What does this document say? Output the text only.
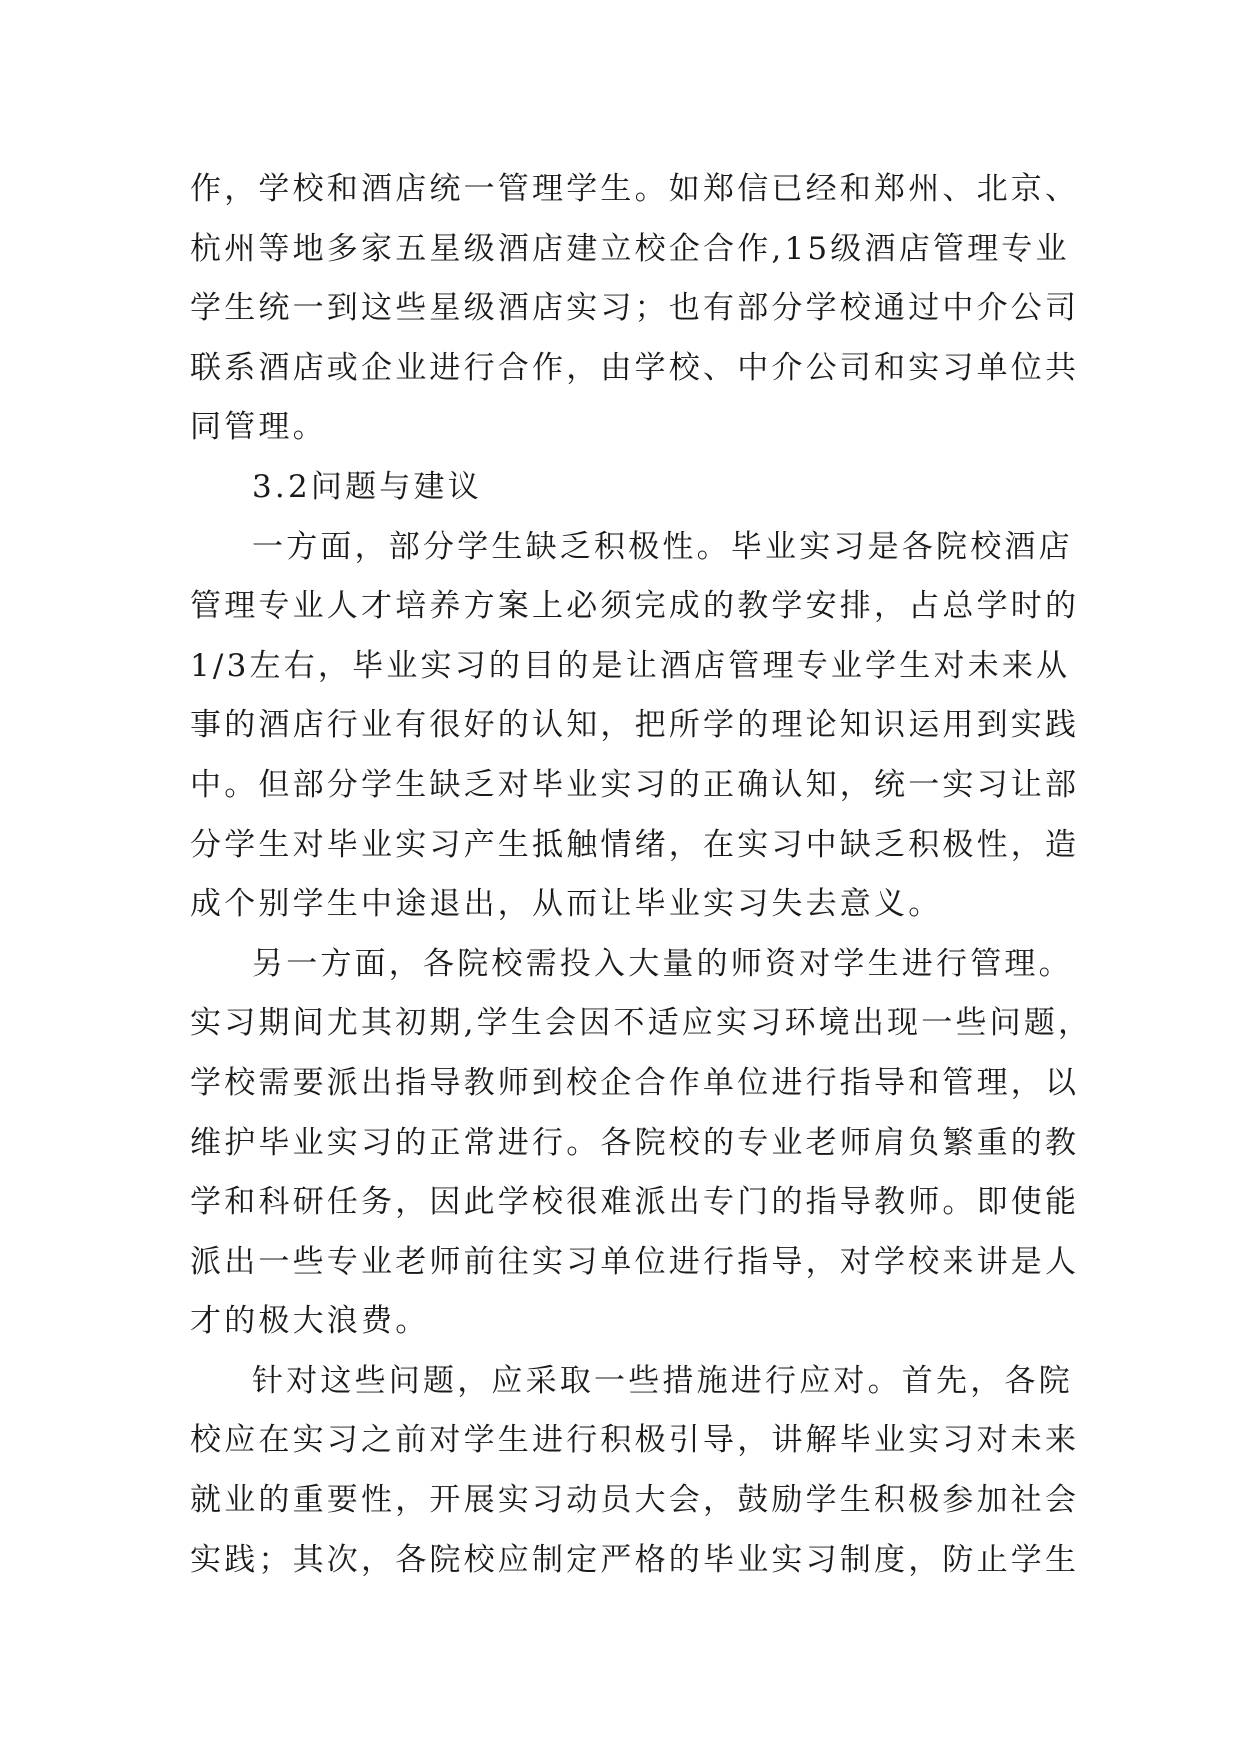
作，学校和酒店统一管理学生。如郑信已经和郑州、北京、
杭州等地多家五星级酒店建立校企合作,15级酒店管理专业
学生统一到这些星级酒店实习；也有部分学校通过中介公司
联系酒店或企业进行合作，由学校、中介公司和实习单位共
同管理。
3.2问题与建议
一方面，部分学生缺乏积极性。毕业实习是各院校酒店
管理专业人才培养方案上必须完成的教学安排，占总学时的
1/3左右，毕业实习的目的是让酒店管理专业学生对未来从
事的酒店行业有很好的认知，把所学的理论知识运用到实践
中。但部分学生缺乏对毕业实习的正确认知，统一实习让部
分学生对毕业实习产生抵触情绪，在实习中缺乏积极性，造
成个别学生中途退出，从而让毕业实习失去意义。
另一方面，各院校需投入大量的师资对学生进行管理。
实习期间尤其初期,学生会因不适应实习环境出现一些问题，
学校需要派出指导教师到校企合作单位进行指导和管理，以
维护毕业实习的正常进行。各院校的专业老师肩负繁重的教
学和科研任务，因此学校很难派出专门的指导教师。即使能
派出一些专业老师前往实习单位进行指导，对学校来讲是人
才的极大浪费。
针对这些问题，应采取一些措施进行应对。首先，各院
校应在实习之前对学生进行积极引导，讲解毕业实习对未来
就业的重要性，开展实习动员大会，鼓励学生积极参加社会
实践；其次，各院校应制定严格的毕业实习制度，防止学生
